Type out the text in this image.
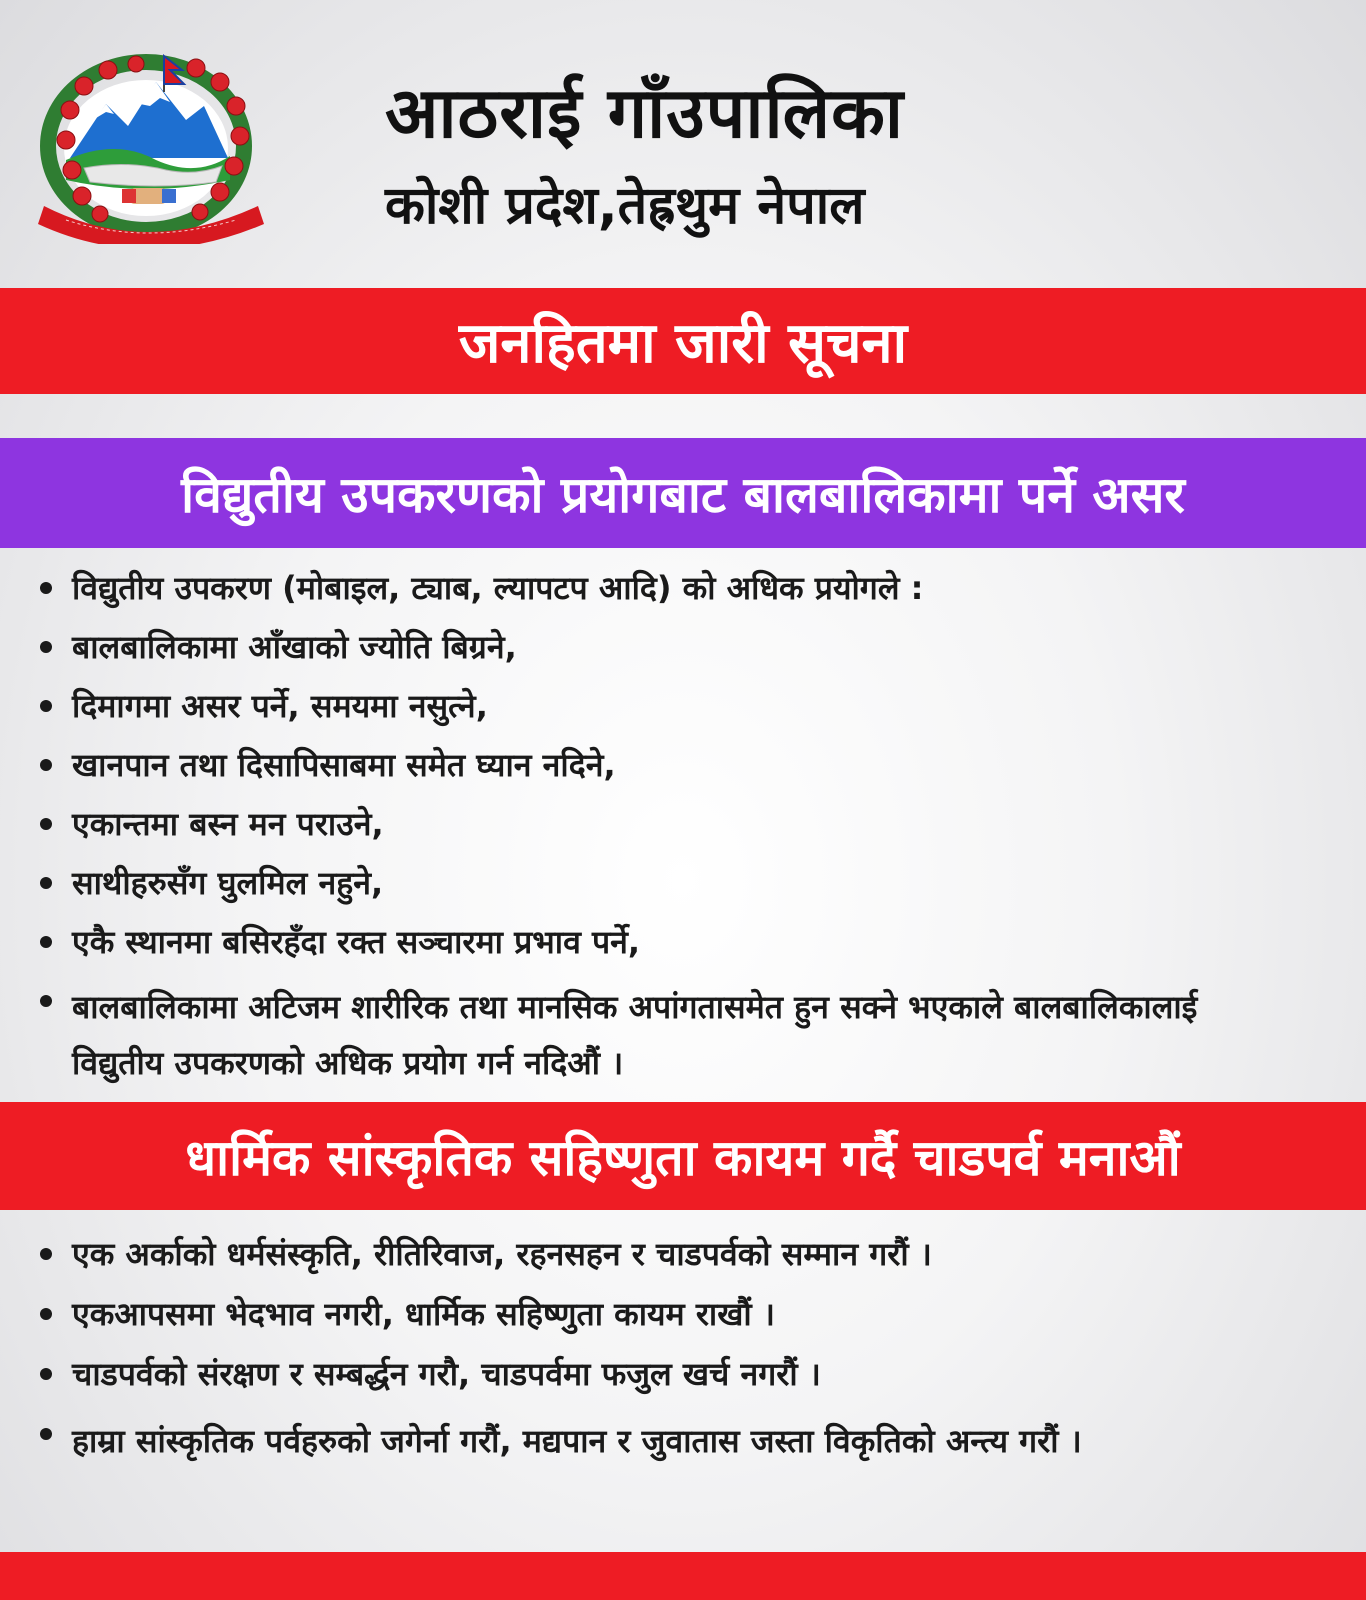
आठराई गाँउपालिका
कोशी प्रदेश,तेह्रथुम नेपाल
जनहितमा जारी सूचना
विद्युतीय उपकरणको प्रयोगबाट बालबालिकामा पर्ने असर
विद्युतीय उपकरण (मोबाइल, ट्याब, ल्यापटप आदि) को अधिक प्रयोगले :
बालबालिकामा आँखाको ज्योति बिग्रने,
दिमागमा असर पर्ने, समयमा नसुत्ने,
खानपान तथा दिसापिसाबमा समेत घ्यान नदिने,
एकान्तमा बस्न मन पराउने,
साथीहरुसँग घुलमिल नहुने,
एकै स्थानमा बसिरहँदा रक्त सञ्चारमा प्रभाव पर्ने,
बालबालिकामा अटिजम शारीरिक तथा मानसिक अपांगतासमेत हुन सक्ने भएकाले बालबालिकालाई विद्युतीय उपकरणको अधिक प्रयोग गर्न नदिऔं ।
धार्मिक सांस्कृतिक सहिष्णुता कायम गर्दै चाडपर्व मनाऔं
एक अर्काको धर्मसंस्कृति, रीतिरिवाज, रहनसहन र चाडपर्वको सम्मान गरौं ।
एकआपसमा भेदभाव नगरी, धार्मिक सहिष्णुता कायम राखौं ।
चाडपर्वको संरक्षण र सम्बर्द्धन गरौ, चाडपर्वमा फजुल खर्च नगरौं ।
हाम्रा सांस्कृतिक पर्वहरुको जगेर्ना गरौं, मद्यपान र जुवातास जस्ता विकृतिको अन्त्य गरौं ।
